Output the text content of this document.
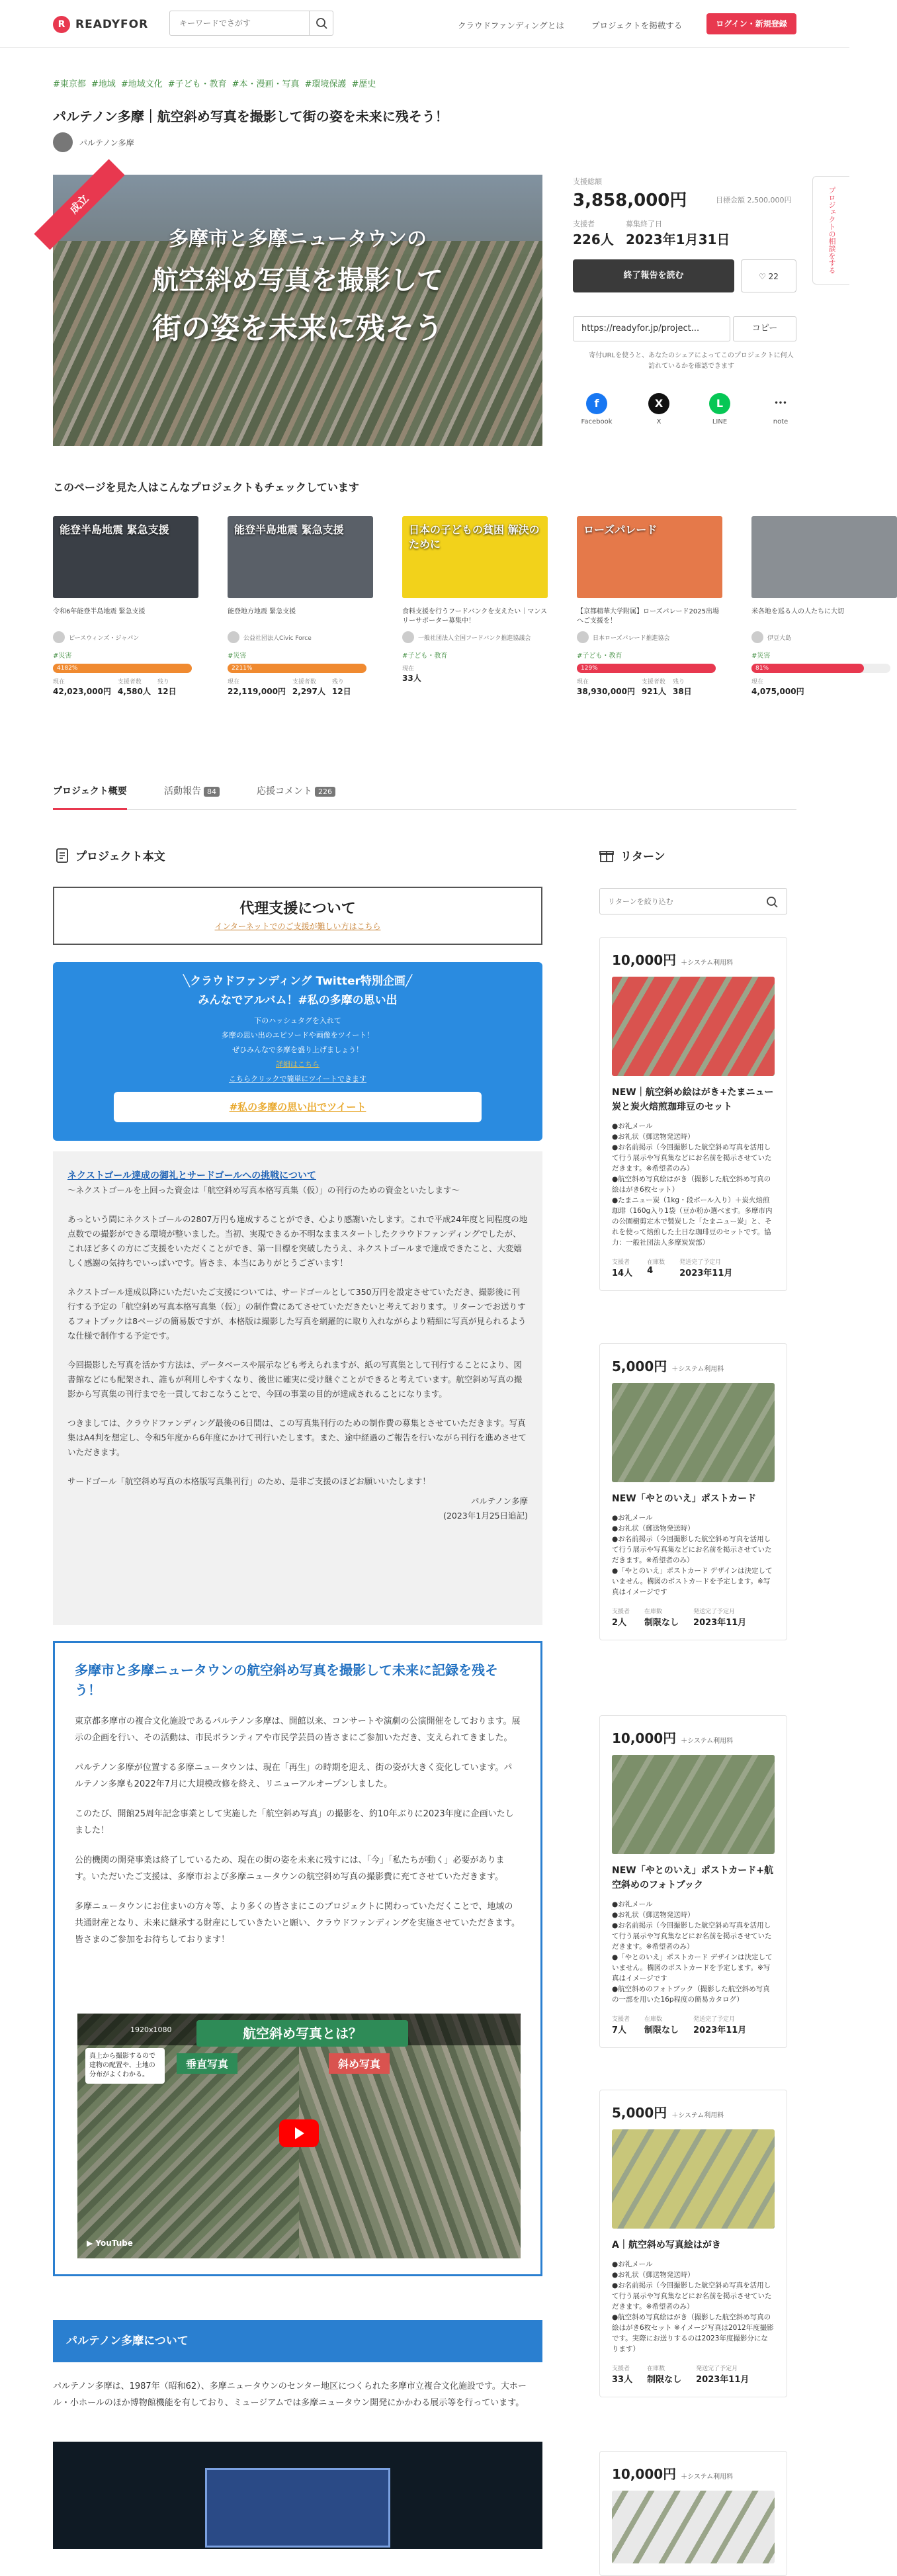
R READYFOR
キーワードでさがす	クラウドファンディングとは	プロジェクトを掲載する	ログイン・新規登録
#東京都 #地域 #地域文化 #子ども・教育 #本・漫画・写真 #環境保護 #歴史
パルテノン多摩｜航空斜め写真を撮影して街の姿を未来に残そう！
パルテノン多摩
多摩市と多摩ニュータウンの
航空斜め写真を撮影して
街の姿を未来に残そう
成立
支援総額
3,858,000円	目標金額 2,500,000円
支援者
226人
募集終了日
2023年1月31日
終了報告を読む	♡ 22
https://readyfor.jp/project...	コピー
寄付URLを使うと、あなたのシェアによってこのプロジェクトに何人訪れているかを確認できます
f
Facebook
X
X
L
LINE
•••
note
プロジェクトの相談をする
このページを見た人はこんなプロジェクトもチェックしています
能登半島地震 緊急支援
令和6年能登半島地震 緊急支援
ピースウィンズ・ジャパン
#災害
4182%
現在
42,023,000円
支援者数
4,580人
残り
12日
能登半島地震 緊急支援
能登地方地震 緊急支援
公益社団法人Civic Force
#災害
2211%
現在
22,119,000円
支援者数
2,297人
残り
12日
日本の子どもの貧困 解決のために
食料支援を行うフードバンクを支えたい｜マンスリーサポーター募集中！
一般社団法人全国フードバンク推進協議会
#子ども・教育
現在
33人
ローズパレード
【京都精華大学附属】ローズパレード2025出場へご支援を！
日本ローズパレード推進協会
#子ども・教育
129%
現在
38,930,000円
支援者数
921人
残り
38日
米各地を巡る人の人たちに大切
伊豆大島
#災害
81%
現在
4,075,000円
プロジェクト概要	活動報告 84	応援コメント 226
プロジェクト本文
代理支援について
インターネットでのご支援が難しい方はこちら
╲クラウドファンディング Twitter特別企画╱
みんなでアルバム！#私の多摩の思い出
下のハッシュタグを入れて
多摩の思い出のエピソードや画像をツイート！
ぜひみんなで多摩を盛り上げましょう！
詳細はこちら
こちらクリックで簡単にツイートできます
#私の多摩の思い出でツイート
ネクストゴール達成の御礼とサードゴールへの挑戦について

〜ネクストゴールを上回った資金は「航空斜め写真本格写真集（仮）」の刊行のための資金といたします〜

あっという間にネクストゴールの2807万円も達成することができ、心より感謝いたします。これで平成24年度と同程度の地点数での撮影ができる環境が整いました。当初、実現できるか不明なままスタートしたクラウドファンディングでしたが、これほど多くの方にご支援をいただくことができ、第一目標を突破したうえ、ネクストゴールまで達成できたこと、大変嬉しく感謝の気持ちでいっぱいです。皆さま、本当にありがとうございます！

ネクストゴール達成以降にいただいたご支援については、サードゴールとして350万円を設定させていただき、撮影後に刊行する予定の「航空斜め写真本格写真集（仮）」の制作費にあてさせていただきたいと考えております。リターンでお送りするフォトブックは8ページの簡易版ですが、本格版は撮影した写真を網羅的に取り入れながらより精細に写真が見られるような仕様で制作する予定です。

今回撮影した写真を活かす方法は、データベースや展示なども考えられますが、紙の写真集として刊行することにより、図書館などにも配架され、誰もが利用しやすくなり、後世に確実に受け継ぐことができると考えています。航空斜め写真の撮影から写真集の刊行までを一貫しておこなうことで、今回の事業の目的が達成されることになります。

つきましては、クラウドファンディング最後の6日間は、この写真集刊行のための制作費の募集とさせていただきます。写真集はA4判を想定し、令和5年度から6年度にかけて刊行いたします。また、途中経過のご報告を行いながら刊行を進めさせていただきます。

サードゴール「航空斜め写真の本格版写真集刊行」のため、是非ご支援のほどお願いいたします！

パルテノン多摩
(2023年1月25日追記)
多摩市と多摩ニュータウンの航空斜め写真を撮影して未来に記録を残そう！

東京都多摩市の複合文化施設であるパルテノン多摩は、開館以来、コンサートや演劇の公演開催をしております。展示の企画を行い、その活動は、市民ボランティアや市民学芸員の皆さまにご参加いただき、支えられてきました。

パルテノン多摩が位置する多摩ニュータウンは、現在「再生」の時期を迎え、街の姿が大きく変化しています。パルテノン多摩も2022年7月に大規模改修を終え、リニューアルオープンしました。

このたび、開館25周年記念事業として実施した「航空斜め写真」の撮影を、約10年ぶりに2023年度に企画いたしました！

公的機関の開発事業は終了しているため、現在の街の姿を未来に残すには、「今」「私たちが動く」必要があります。いただいたご支援は、多摩市および多摩ニュータウンの航空斜め写真の撮影費に充てさせていただきます。

多摩ニュータウンにお住まいの方々等、より多くの皆さまにこのプロジェクトに関わっていただくことで、地域の共通財産となり、未来に継承する財産にしていきたいと願い、クラウドファンディングを実施させていただきます。皆さまのご参加をお待ちしております！

1920x1080	航空斜め写真とは？
垂直写真	斜め写真
真上から撮影するので建物の配置や、土地の分布がよくわかる。
▶ YouTube
パルテノン多摩について
パルテノン多摩は、1987年（昭和62）、多摩ニュータウンのセンター地区につくられた多摩市立複合文化施設です。大ホール・小ホールのほか博物館機能を有しており、ミュージアムでは多摩ニュータウン開発にかかわる展示等を行っています。
リターン
リターンを絞り込む
10,000円 ＋システム利用料
NEW｜航空斜め絵はがき+たまニュー炭と炭火焙煎珈琲豆のセット
●お礼メール
●お礼状（郵送物発送時）
●お名前掲示（今回撮影した航空斜め写真を活用して行う展示や写真集などにお名前を掲示させていただきます。※希望者のみ）
●航空斜め写真絵はがき（撮影した航空斜め写真の絵はがき6枚セット）
●たまニュー炭（1kg・段ボール入り）＋炭火焙煎珈琲（160g入り1袋（豆か粉か選べます。多摩市内の公園樹剪定木で製炭した「たまニュー炭」と、それを使って焙煎した土日な珈琲豆のセットです。協力：一般社団法人多摩炭炭部）
支援者
14人
在庫数
4
発送完了予定月
2023年11月
5,000円 ＋システム利用料
NEW「やとのいえ」ポストカード
●お礼メール
●お礼状（郵送物発送時）
●お名前掲示（今回撮影した航空斜め写真を活用して行う展示や写真集などにお名前を掲示させていただきます。※希望者のみ）
●「やとのいえ」ポストカード デザインは決定していません。構図のポストカードを予定します。※写真はイメージです
支援者
2人
在庫数
制限なし
発送完了予定月
2023年11月
10,000円 ＋システム利用料
NEW「やとのいえ」ポストカード+航空斜めのフォトブック
●お礼メール
●お礼状（郵送物発送時）
●お名前掲示（今回撮影した航空斜め写真を活用して行う展示や写真集などにお名前を掲示させていただきます。※希望者のみ）
●「やとのいえ」ポストカード デザインは決定していません。構図のポストカードを予定します。※写真はイメージです
●航空斜めのフォトブック（撮影した航空斜め写真の一部を用いた16p程度の簡易カタログ）
支援者
7人
在庫数
制限なし
発送完了予定月
2023年11月
5,000円 ＋システム利用料
A｜航空斜め写真絵はがき
●お礼メール
●お礼状（郵送物発送時）
●お名前掲示（今回撮影した航空斜め写真を活用して行う展示や写真集などにお名前を掲示させていただきます。※希望者のみ）
●航空斜め写真絵はがき（撮影した航空斜め写真の絵はがき6枚セット ※イメージ写真は2012年度撮影です。実際にお送りするのは2023年度撮影分になります）
支援者
33人
在庫数
制限なし
発送完了予定月
2023年11月
10,000円 ＋システム利用料
